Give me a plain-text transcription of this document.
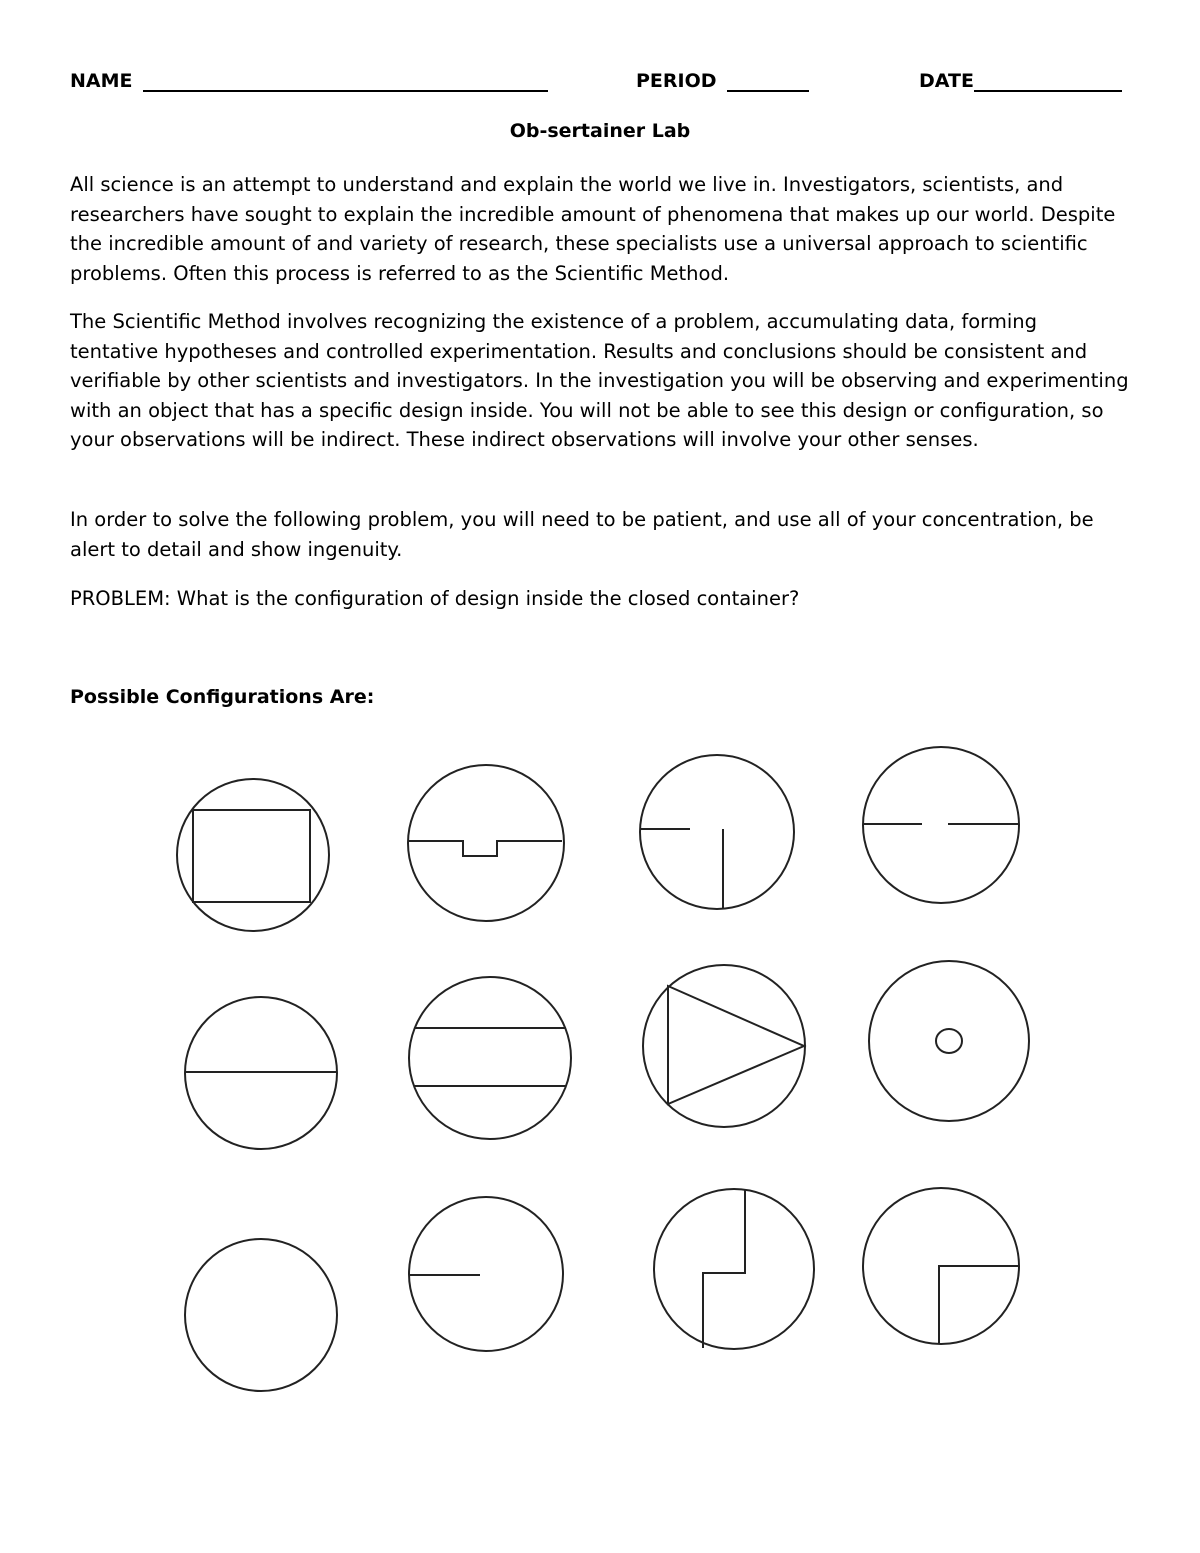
NAME	PERIOD	DATE
Ob-sertainer Lab

All science is an attempt to understand and explain the world we live in. Investigators, scientists, and researchers have sought to explain the incredible amount of phenomena that makes up our world. Despite the incredible amount of and variety of research, these specialists use a universal approach to scientific problems. Often this process is referred to as the Scientific Method.

The Scientific Method involves recognizing the existence of a problem, accumulating data, forming tentative hypotheses and controlled experimentation. Results and conclusions should be consistent and verifiable by other scientists and investigators. In the investigation you will be observing and experimenting with an object that has a specific design inside. You will not be able to see this design or configuration, so your observations will be indirect. These indirect observations will involve your other senses.

In order to solve the following problem, you will need to be patient, and use all of your concentration, be alert to detail and show ingenuity.

PROBLEM: What is the configuration of design inside the closed container?

Possible Configurations Are:
